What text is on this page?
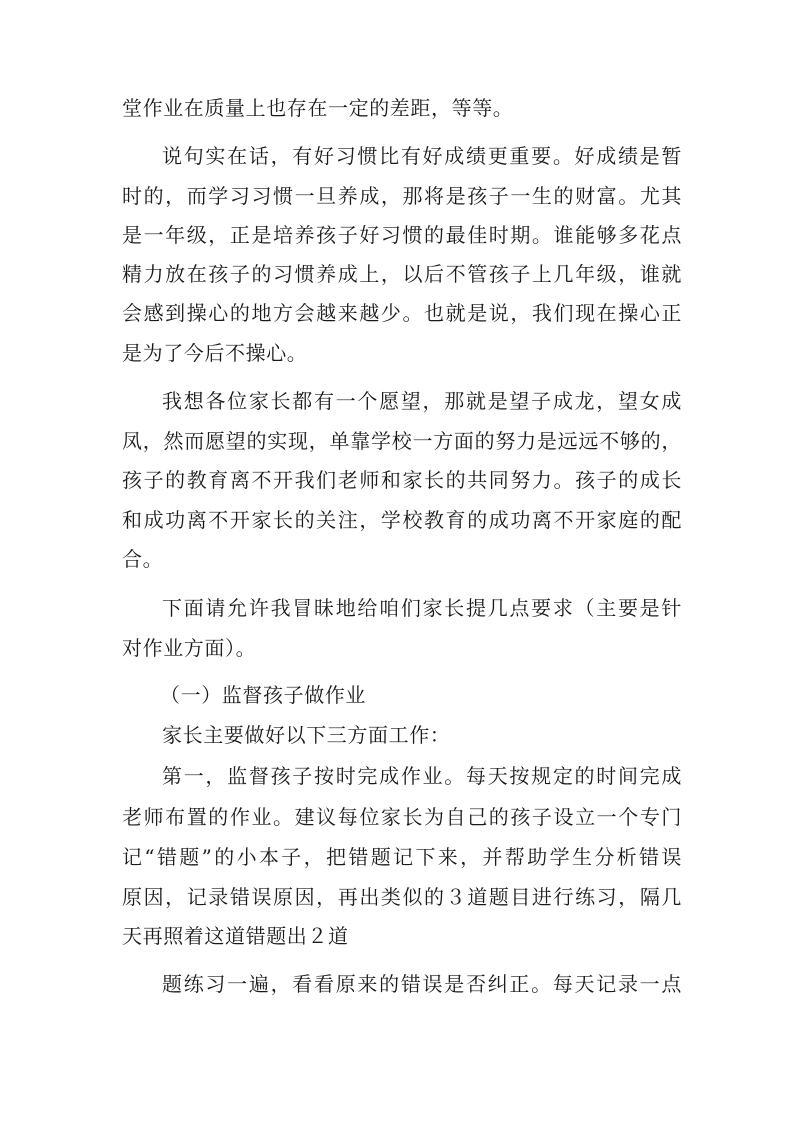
堂作业在质量上也存在一定的差距，等等。
说句实在话，有好习惯比有好成绩更重要。好成绩是暂
时的，而学习习惯一旦养成，那将是孩子一生的财富。尤其
是一年级，正是培养孩子好习惯的最佳时期。谁能够多花点
精力放在孩子的习惯养成上，以后不管孩子上几年级，谁就
会感到操心的地方会越来越少。也就是说，我们现在操心正
是为了今后不操心。
我想各位家长都有一个愿望，那就是望子成龙，望女成
凤，然而愿望的实现，单靠学校一方面的努力是远远不够的，
孩子的教育离不开我们老师和家长的共同努力。孩子的成长
和成功离不开家长的关注，学校教育的成功离不开家庭的配
合。
下面请允许我冒昧地给咱们家长提几点要求（主要是针
对作业方面）。
（一）监督孩子做作业
家长主要做好以下三方面工作：
第一，监督孩子按时完成作业。每天按规定的时间完成
老师布置的作业。建议每位家长为自己的孩子设立一个专门
记“错题”的小本子，把错题记下来，并帮助学生分析错误
原因，记录错误原因，再出类似的３道题目进行练习，隔几
天再照着这道错题出２道
题练习一遍，看看原来的错误是否纠正。每天记录一点
